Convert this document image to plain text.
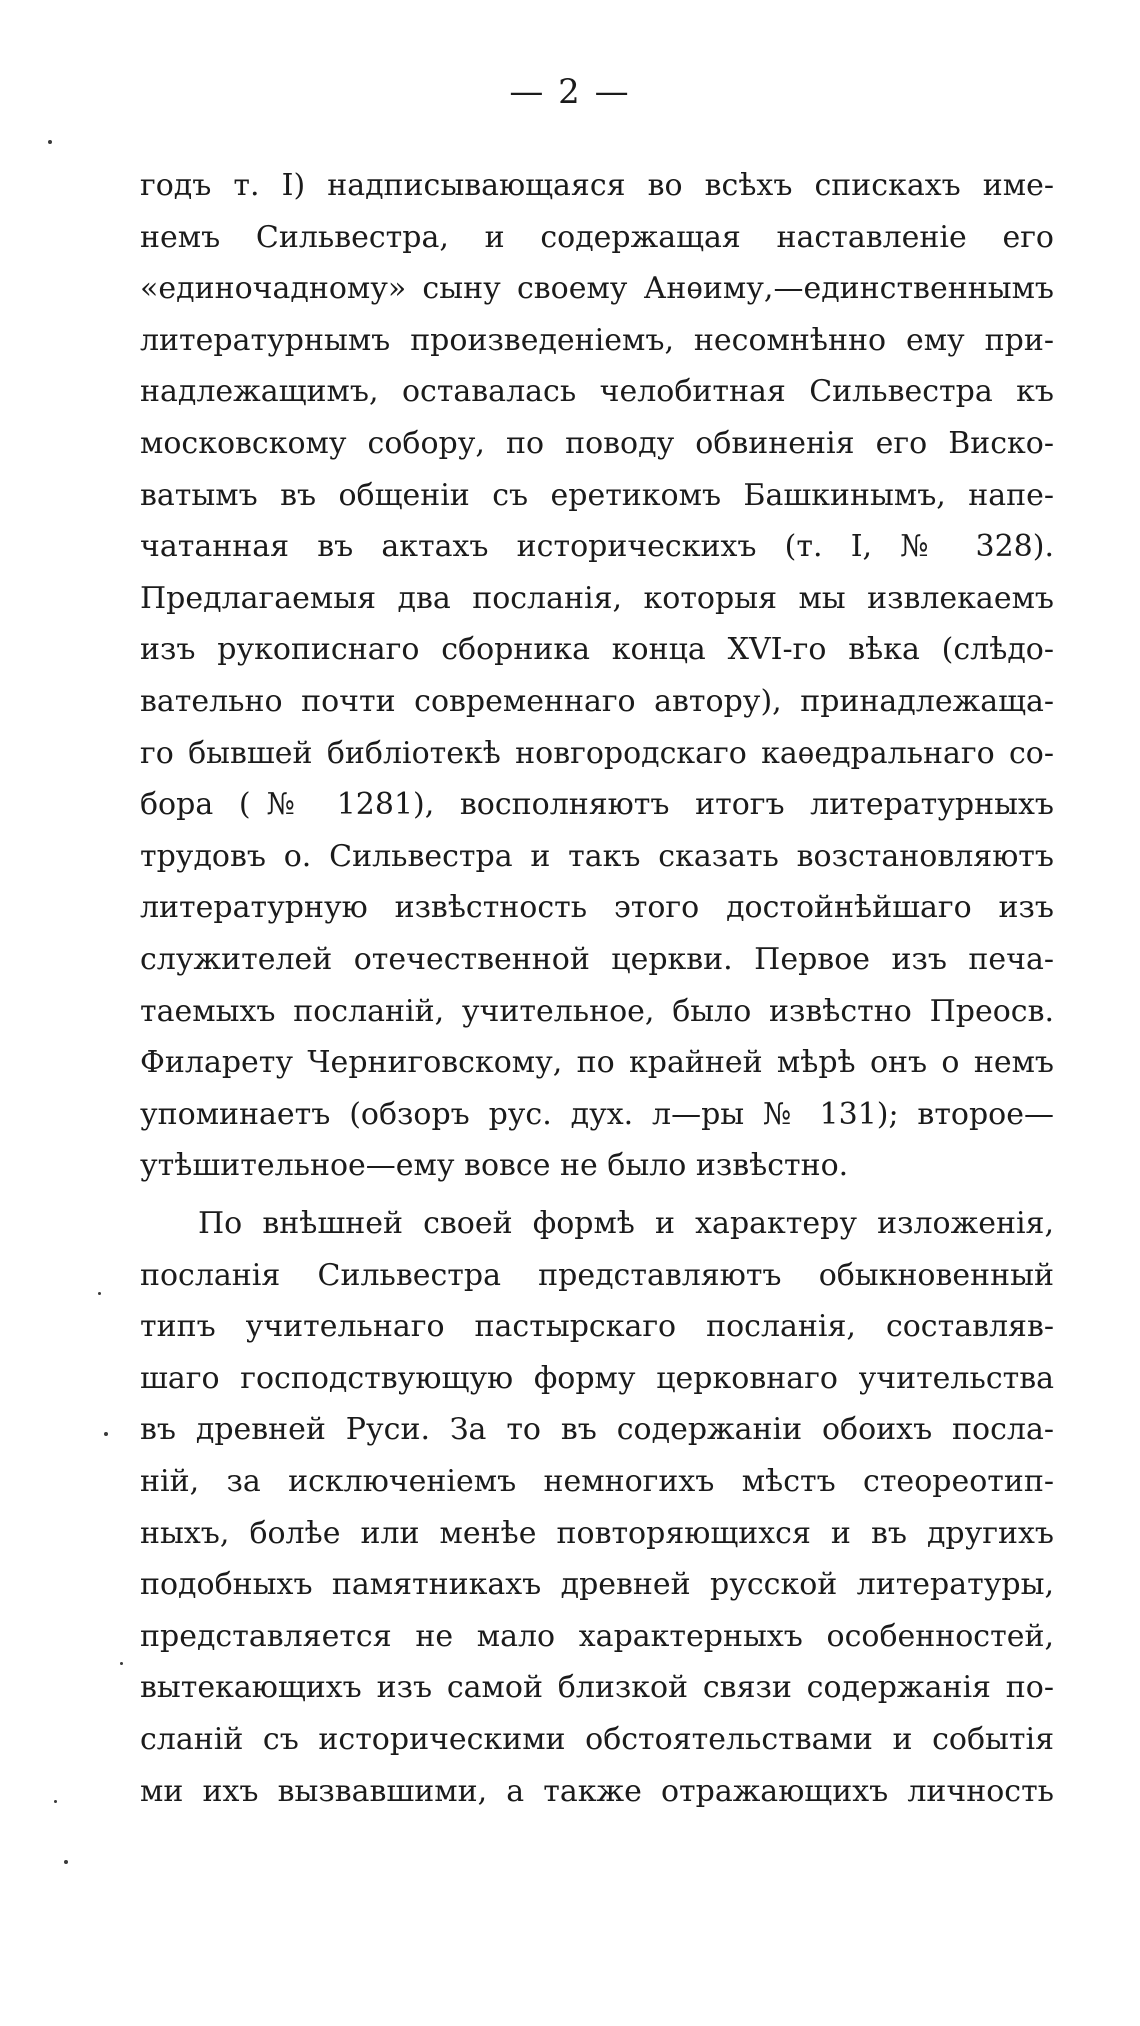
— 2 —
годъ т. I) надписывающаяся во всѣхъ спискахъ име-
немъ Сильвестра, и содержащая наставленіе его
«единочадному» сыну своему Анѳиму,—единственнымъ
литературнымъ произведеніемъ, несомнѣнно ему при-
надлежащимъ, оставалась челобитная Сильвестра къ
московскому собору, по поводу обвиненія его Виско-
ватымъ въ общеніи съ еретикомъ Башкинымъ, напе-
чатанная въ актахъ историческихъ (т. I, № 328).
Предлагаемыя два посланія, которыя мы извлекаемъ
изъ рукописнаго сборника конца XVI-го вѣка (слѣдо-
вательно почти современнаго автору), принадлежаща-
го бывшей библіотекѣ новгородскаго каѳедральнаго со-
бора (№ 1281), восполняютъ итогъ литературныхъ
трудовъ о. Сильвестра и такъ сказать возстановляютъ
литературную извѣстность этого достойнѣйшаго изъ
служителей отечественной церкви. Первое изъ печа-
таемыхъ посланій, учительное, было извѣстно Преосв.
Филарету Черниговскому, по крайней мѣрѣ онъ о немъ
упоминаетъ (обзоръ рус. дух. л—ры № 131); второе—
утѣшительное—ему вовсе не было извѣстно.
По внѣшней своей формѣ и характеру изложенія,
посланія Сильвестра представляютъ обыкновенный
типъ учительнаго пастырскаго посланія, составляв-
шаго господствующую форму церковнаго учительства
въ древней Руси. За то въ содержаніи обоихъ посла-
ній, за исключеніемъ немногихъ мѣстъ стеореотип-
ныхъ, болѣе или менѣе повторяющихся и въ другихъ
подобныхъ памятникахъ древней русской литературы,
представляется не мало характерныхъ особенностей,
вытекающихъ изъ самой близкой связи содержанія по-
сланій съ историческими обстоятельствами и событія
ми ихъ вызвавшими, а также отражающихъ личность
